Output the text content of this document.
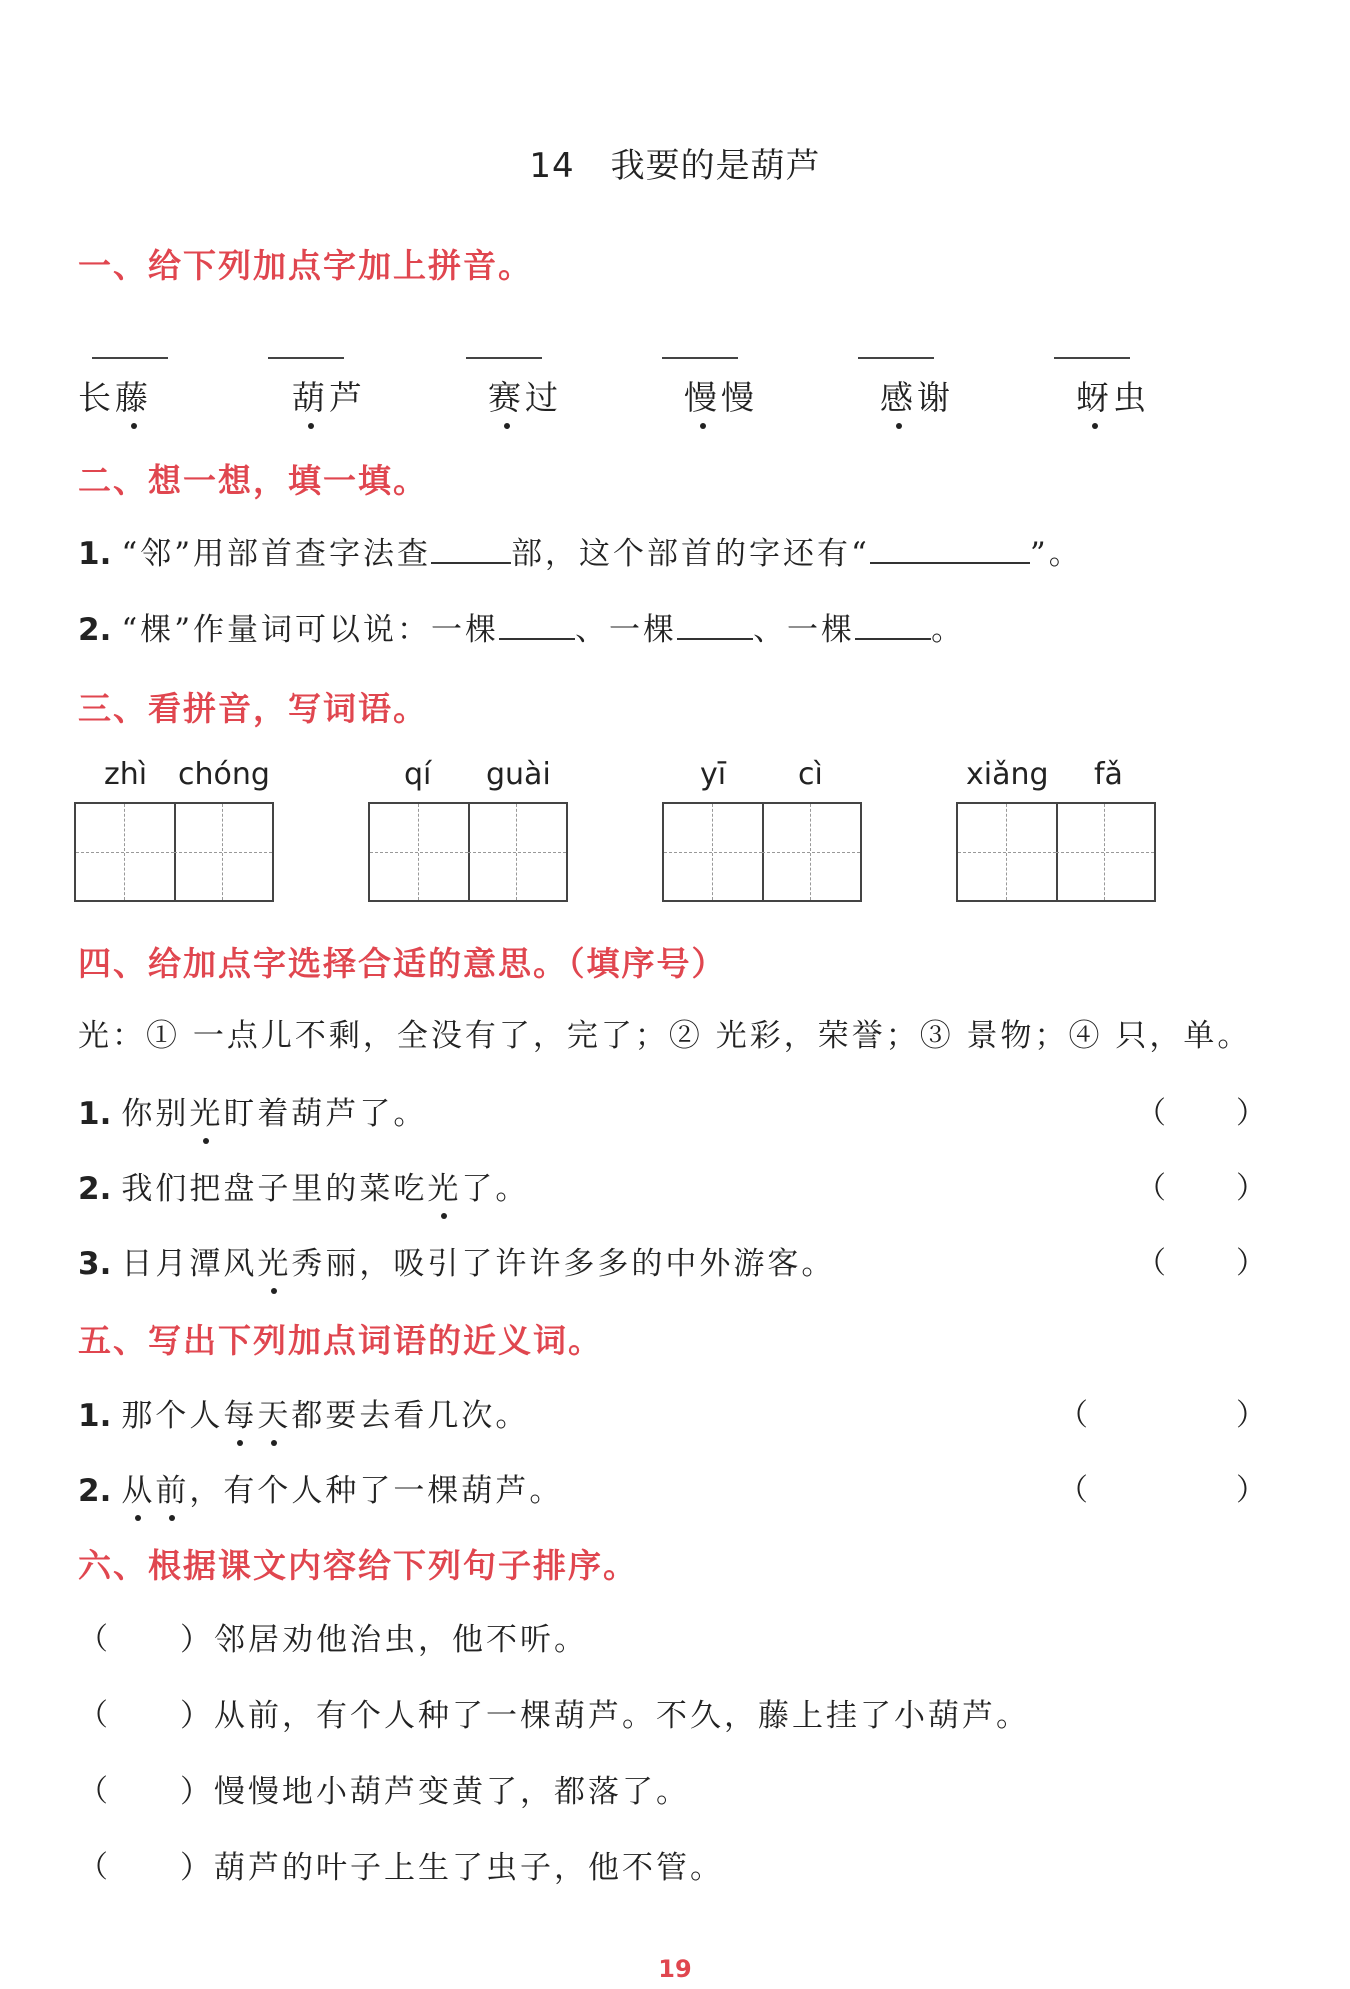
14 我要的是葫芦
一、给下列加点字加上拼音。
长藤	葫芦	赛过	慢慢	感谢	蚜虫
二、想一想，填一填。
1. “邻”用部首查字法查	部，这个部首的字还有“	”。
2. “棵”作量词可以说：一棵 、一棵 、一棵 。
三、看拼音，写词语。
zhì chóng	qí guài	yī cì	xiǎng fǎ
四、给加点字选择合适的意思。（填序号）
光：① 一点儿不剩，全没有了，完了；② 光彩，荣誉；③ 景物；④ 只，单。
1. 你别光盯着葫芦了。	（ ）
2. 我们把盘子里的菜吃光了。	（ ）
3. 日月潭风光秀丽，吸引了许许多多的中外游客。	（ ）
五、写出下列加点词语的近义词。
1. 那个人每天都要去看几次。	（	）
2. 从前，有个人种了一棵葫芦。	（	）
六、根据课文内容给下列句子排序。
（ ）邻居劝他治虫，他不听。
（ ）从前，有个人种了一棵葫芦。不久，藤上挂了小葫芦。
（ ）慢慢地小葫芦变黄了，都落了。
（ ）葫芦的叶子上生了虫子，他不管。
19
